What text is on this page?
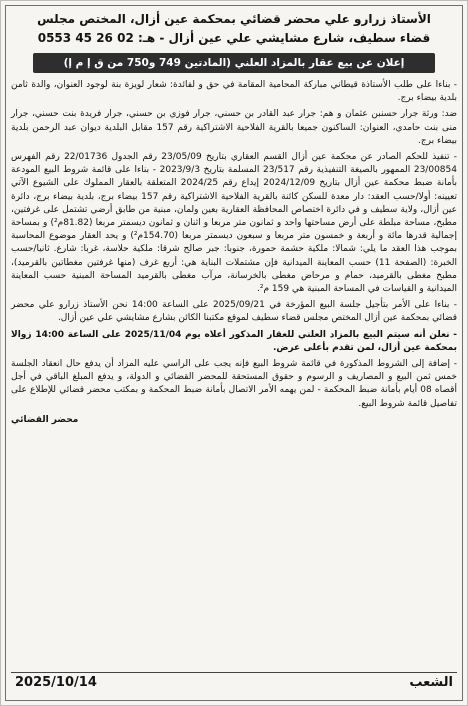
الأستاذ زرارو علي محضر قضائي بمحكمة عين أزال، المختص مجلس
قضاء سطيف، شارع مشايشي علي عين أزال - هـ: 02 26 45 0553
إعلان عن بيع عقار بالمزاد العلني (المادتين 749 و750 من ق إ م إ)

- بناءا على طلب الأستاذة قيطاني مباركة المحامية المقامة في حق و لفائدة: شعار لويزة بنة لوجود العنوان، والدة ثامن بلدية بيضاء برج.

ضد: ورثة جرار حسنبن عثمان و هم: جرار عبد القادر بن حسني، جرار فوزي بن حسني، جرار فريدة بنت حسني، جرار منى بنت حامدي، العنوان: الساكنون جميعا بالقرية الفلاحية الاشتراكية رقم 157 مقابل البلدية ديوان عبد الرحمن بلدية بيضاء برج.

- تنفيذ للحكم الصادر عن محكمة عين أزال القسم العقاري بتاريخ 23/05/09 رقم الجدول 22/01736 رقم الفهرس 23/00854 الممهور بالصيغة التنفيذية رقم 23/517 المسلمة بتاريخ 2023/9/3 - بناءا على قائمة شروط البيع المودعة بأمانة ضبط محكمة عين أزال بتاريخ 2024/12/09 إيداع رقم 2024/25 المتعلقة بالعقار المملوك على الشيوع الآتي تعيينه: أولا/حسب العقد: دار معدة للسكن كائنة بالقرية الفلاحية الاشتراكية رقم 157 بيضاء برج، بلدية بيضاء برج، دائرة عين أزال، ولاية سطيف و في دائرة اختصاص المحافظة العقارية بعين ولمان، مبنية من طابق أرضي تشتمل على غرفتين، مطبخ، مساحة مبلطة على أرض مساحتها واحد و ثمانون متر مربعا و اثنان و ثمانون ديسمتر مربعا (81.82م²) و بمساحة إجمالية قدرها مائة و أربعة و خمسون متر مربعا و سبعون ديسمتر مربعا (154.70م²) و يحد العقار موضوع المحاسبة بموجب هذا العقد ما يلي: شمالا: ملكية حشمة حمورة، جنوبا: جبر صالح شرقا: ملكية حلاسة، غربا: شارع. ثانيا/حسب الخبرة: (الصفحة 11) حسب المعاينة الميدانية فإن مشتملات البناية هي: أربع غرف (منها غرفتين مغطاتين بالقرميد)، مطبخ مغطى بالقرميد، حمام و مرحاض مغطى بالخرسانة، مرآب مغطى بالقرميد المساحة المبنية حسب المعاينة الميدانية و القياسات في المساحة المبنية هي 159 م².

- بناءا على الأمر بتأجيل جلسة البيع المؤرخة في 2025/09/21 على الساعة 14:00 نحن الأستاذ زرارو علي محضر قضائي بمحكمة عين أزال المختص مجلس قضاء سطيف لموقع مكتبنا الكائن بشارع مشايشي علي عين أزال.

- نعلن أنه سيتم البيع بالمزاد العلني للعقار المذكور أعلاه يوم 2025/11/04 على الساعة 14:00 زوالا بمحكمة عين أزال، لمن تقدم بأعلى عرض.

- إضافة إلى الشروط المذكورة في قائمة شروط البيع فإنه يجب على الراسي عليه المزاد أن يدفع حال انعقاد الجلسة خمس ثمن البيع و المصاريف و الرسوم و حقوق المستحقة للمحضر القضائي و الدولة، و يدفع المبلغ الباقي في أجل أقصاه 08 أيام بأمانة ضبط المحكمة - لمن يهمه الأمر الاتصال بأمانة ضبط المحكمة و بمكتب محضر قضائي للإطلاع على تفاصيل قائمة شروط البيع.

محضر القضائي
الشعب
2025/10/14
